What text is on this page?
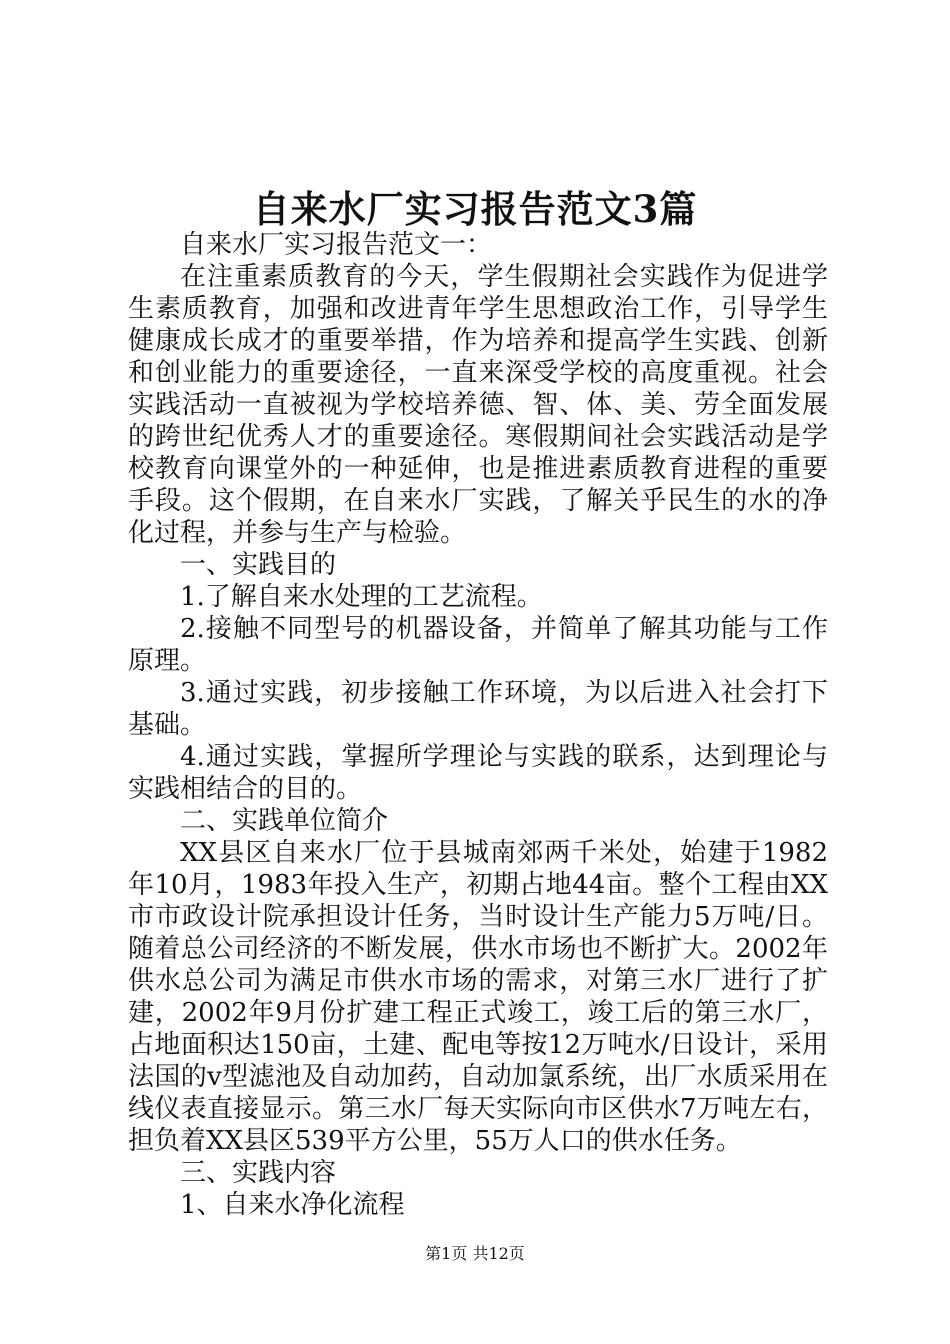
自来水厂实习报告范文3篇

自来水厂实习报告范文一：

在注重素质教育的今天，学生假期社会实践作为促进学生素质教育，加强和改进青年学生思想政治工作，引导学生健康成长成才的重要举措，作为培养和提高学生实践、创新和创业能力的重要途径，一直来深受学校的高度重视。社会实践活动一直被视为学校培养德、智、体、美、劳全面发展的跨世纪优秀人才的重要途径。寒假期间社会实践活动是学校教育向课堂外的一种延伸，也是推进素质教育进程的重要手段。这个假期，在自来水厂实践，了解关乎民生的水的净化过程，并参与生产与检验。

一、实践目的

1.了解自来水处理的工艺流程。

2.接触不同型号的机器设备，并简单了解其功能与工作原理。

3.通过实践，初步接触工作环境，为以后进入社会打下基础。

4.通过实践，掌握所学理论与实践的联系，达到理论与实践相结合的目的。

二、实践单位简介

XX县区自来水厂位于县城南郊两千米处，始建于1982年10月，1983年投入生产，初期占地44亩。整个工程由XX市市政设计院承担设计任务，当时设计生产能力5万吨/日。随着总公司经济的不断发展，供水市场也不断扩大。2002年供水总公司为满足市供水市场的需求，对第三水厂进行了扩建，2002年9月份扩建工程正式竣工，竣工后的第三水厂，占地面积达150亩，土建、配电等按12万吨水/日设计，采用法国的v型滤池及自动加药，自动加氯系统，出厂水质采用在线仪表直接显示。第三水厂每天实际向市区供水7万吨左右，担负着XX县区539平方公里，55万人口的供水任务。

三、实践内容

1、自来水净化流程

第1页 共12页
